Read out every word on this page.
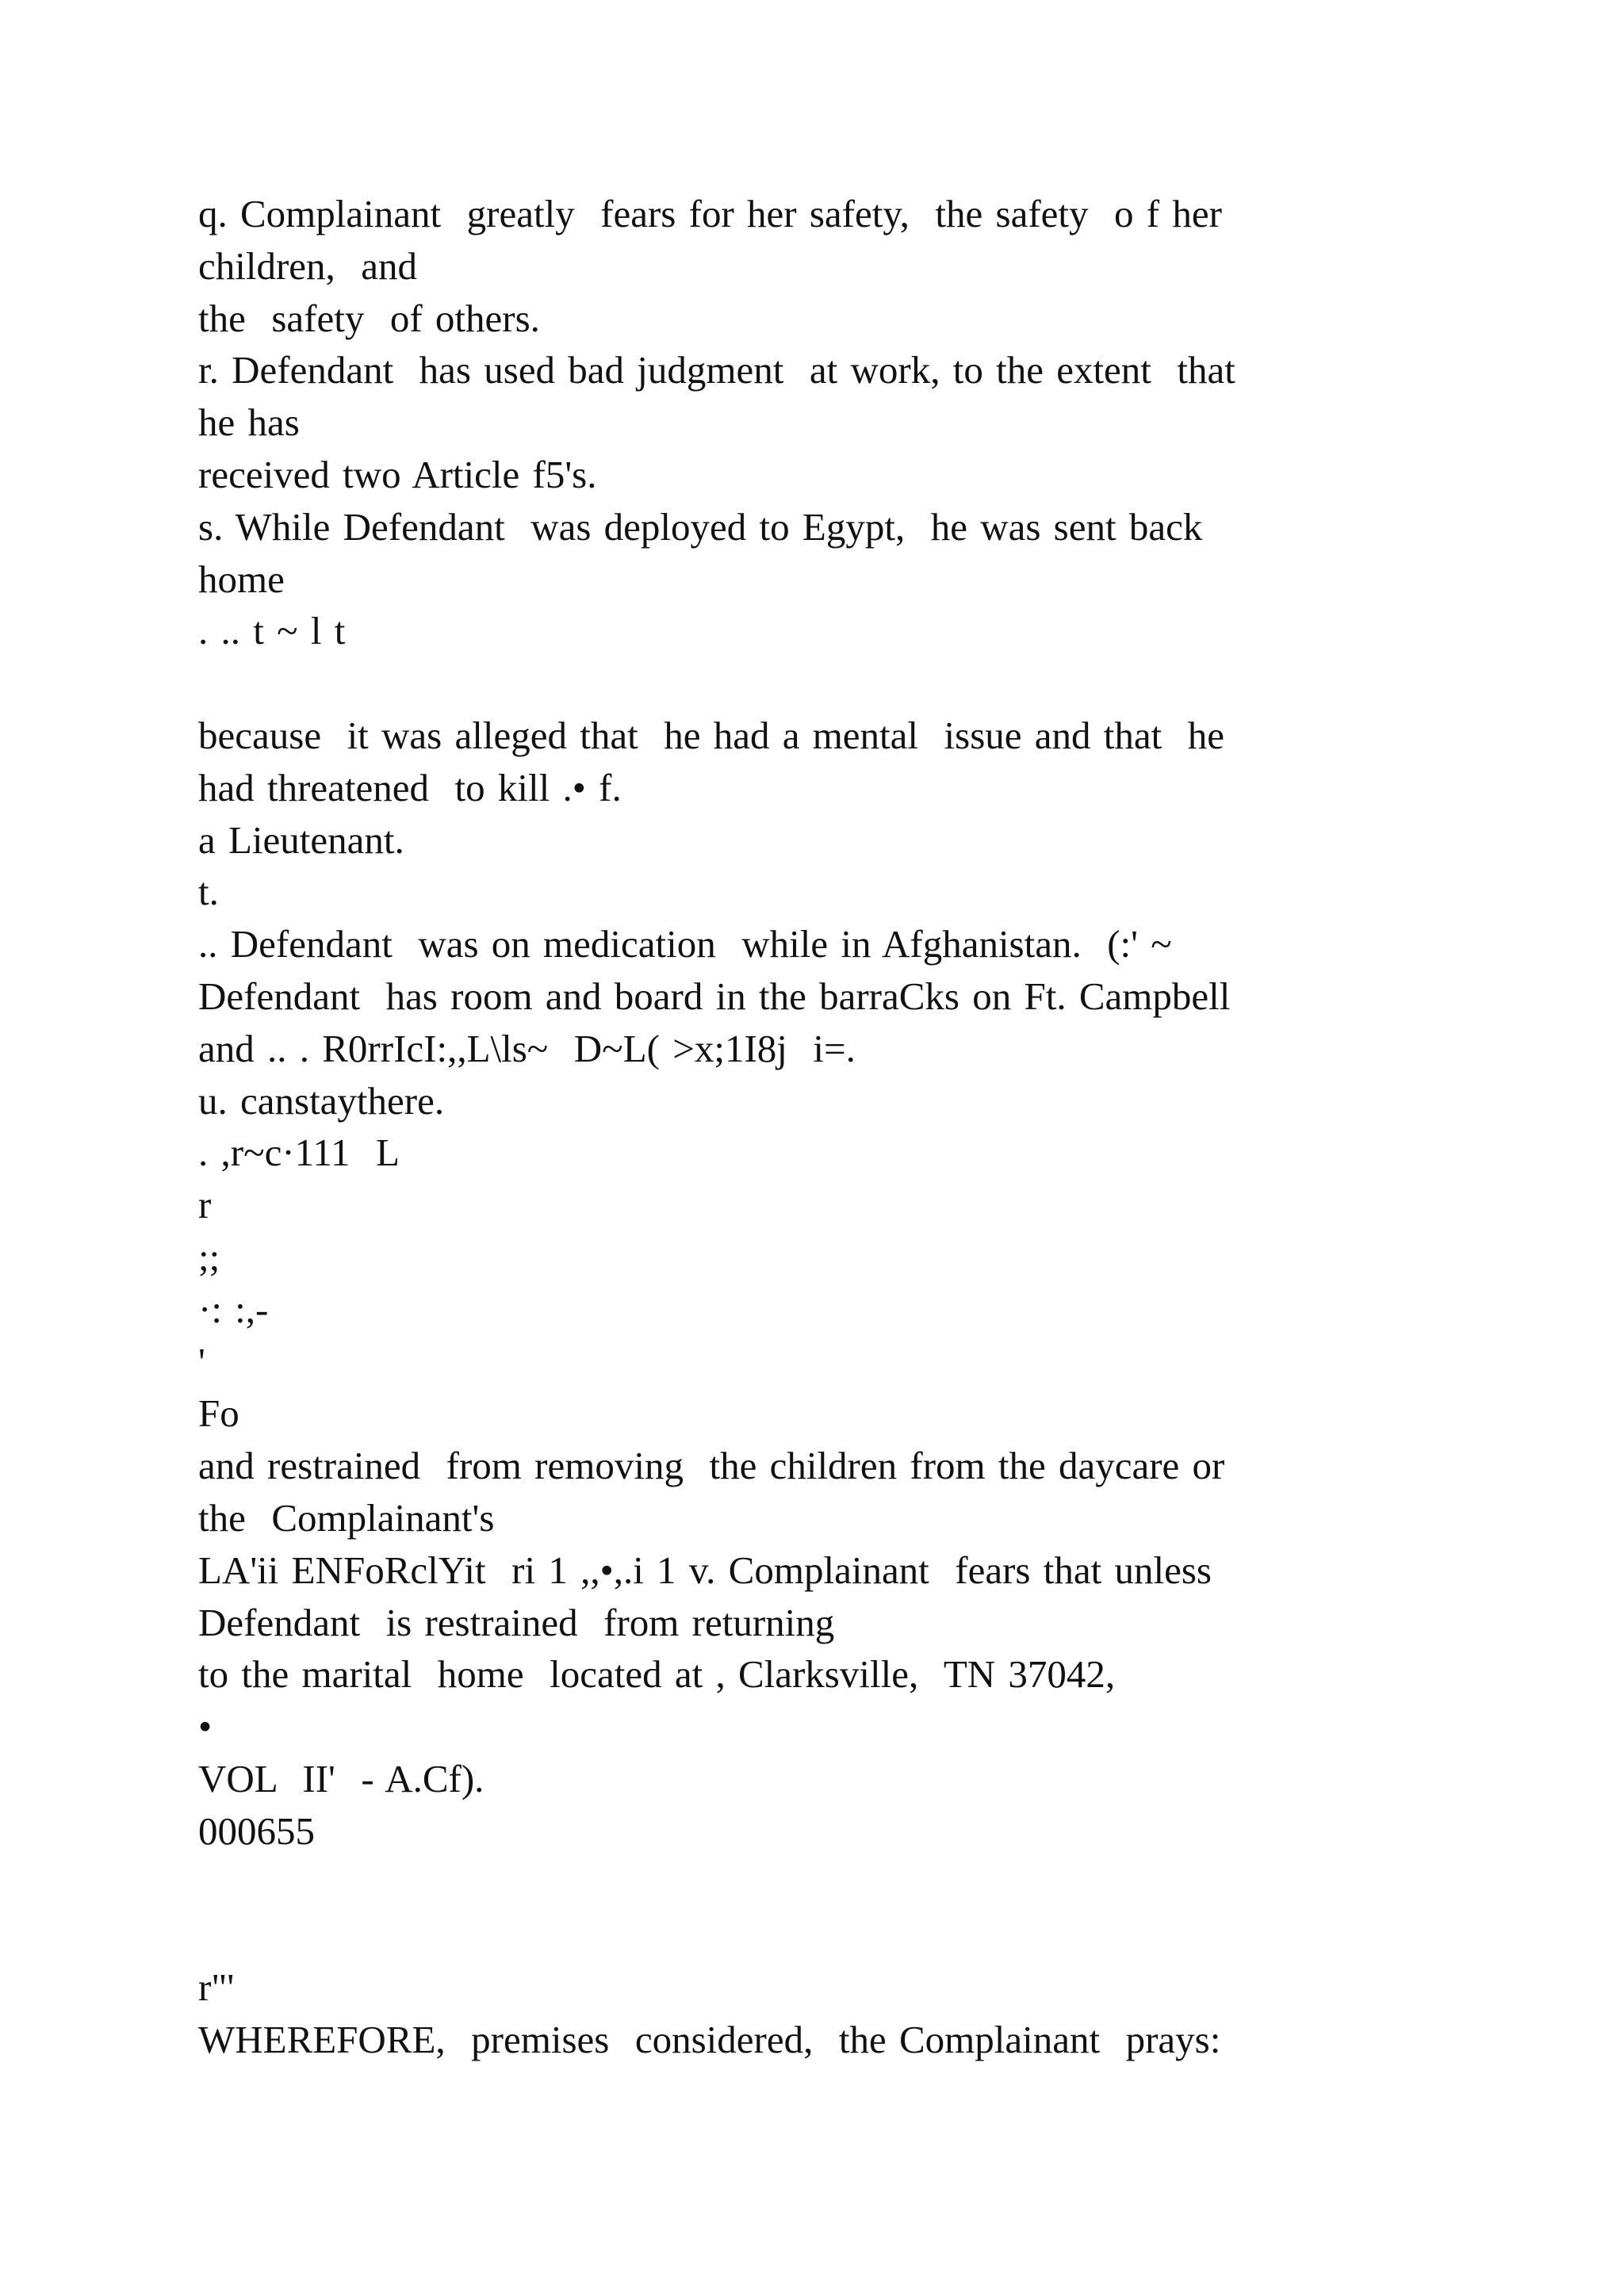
q. Complainant  greatly  fears for her safety,  the safety  o f her
children,  and
the  safety  of others.
r. Defendant  has used bad judgment  at work, to the extent  that
he has
received two Article f5's.
s. While Defendant  was deployed to Egypt,  he was sent back
home
. .. t ~ l t
because  it was alleged that  he had a mental  issue and that  he
had threatened  to kill .• f.
a Lieutenant.
t.
.. Defendant  was on medication  while in Afghanistan.  (:' ~
Defendant  has room and board in the barraCks on Ft. Campbell
and .. . R0rrIcI:,,L\ls~  D~L( >x;1I8j  i=.
u. canstaythere.
. ,r~c·111  L
r
;;
·: :,-
'
Fo
and restrained  from removing  the children from the daycare or
the  Complainant's
LA'ii ENFoRclYit  ri 1 ,,•,.i 1 v. Complainant  fears that unless
Defendant  is restrained  from returning
to the marital  home  located at , Clarksville,  TN 37042,
•
VOL  II'  - A.Cf).
000655
r"'
WHEREFORE,  premises  considered,  the Complainant  prays:
